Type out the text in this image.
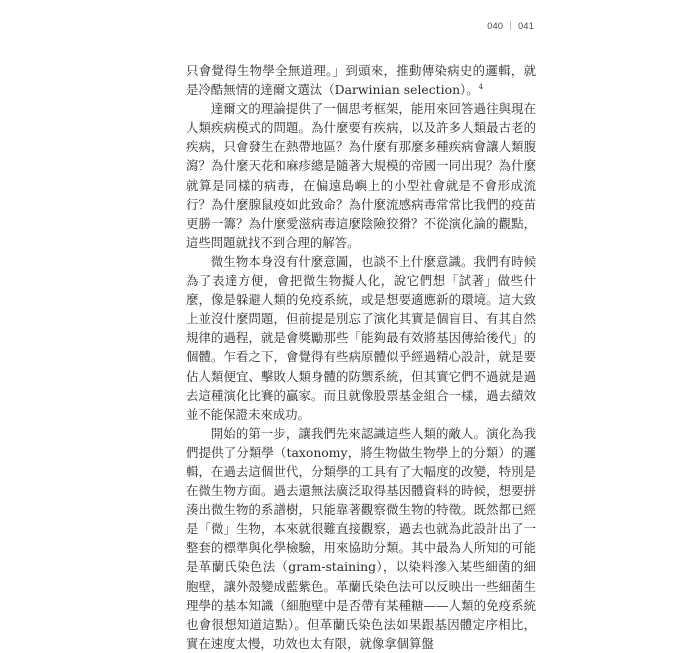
040 ｜ 041

只會覺得生物學全無道理。」到頭來，推動傳染病史的邏輯，就是冷酷無情的達爾文選汰（Darwinian selection）。$^4$

達爾文的理論提供了一個思考框架，能用來回答過往與現在人類疾病模式的問題。為什麼要有疾病，以及許多人類最古老的疾病，只會發生在熱帶地區？為什麼有那麼多種疾病會讓人類腹瀉？為什麼天花和麻疹總是隨著大規模的帝國一同出現？為什麼就算是同樣的病毒，在偏遠島嶼上的小型社會就是不會形成流行？為什麼腺鼠疫如此致命？為什麼流感病毒常常比我們的疫苗更勝一籌？為什麼愛滋病毒這麼陰險狡猾？不從演化論的觀點，這些問題就找不到合理的解答。

微生物本身沒有什麼意圖，也談不上什麼意識。我們有時候為了表達方便，會把微生物擬人化，說它們想「試著」做些什麼，像是躲避人類的免疫系統，或是想要適應新的環境。這大致上並沒什麼問題，但前提是別忘了演化其實是個盲目、有其自然規律的過程，就是會獎勵那些「能夠最有效將基因傳給後代」的個體。乍看之下，會覺得有些病原體似乎經過精心設計，就是要佔人類便宜、擊敗人類身體的防禦系統，但其實它們不過就是過去這種演化比賽的贏家。而且就像股票基金組合一樣，過去績效並不能保證未來成功。

開始的第一步，讓我們先來認識這些人類的敵人。演化為我們提供了分類學（taxonomy，將生物做生物學上的分類）的邏輯，在過去這個世代，分類學的工具有了大幅度的改變，特別是在微生物方面。過去還無法廣泛取得基因體資料的時候，想要拼湊出微生物的系譜樹，只能靠著觀察微生物的特徵。既然都已經是「微」生物，本來就很難直接觀察，過去也就為此設計出了一整套的標準與化學檢驗，用來協助分類。其中最為人所知的可能是革蘭氏染色法（gram-staining），以染料滲入某些細菌的細胞壁，讓外殼變成藍紫色。革蘭氏染色法可以反映出一些細菌生理學的基本知識（細胞壁中是否帶有某種糖——人類的免疫系統也會很想知道這點）。但革蘭氏染色法如果跟基因體定序相比，實在速度太慢，功效也太有限，就像拿個算盤
